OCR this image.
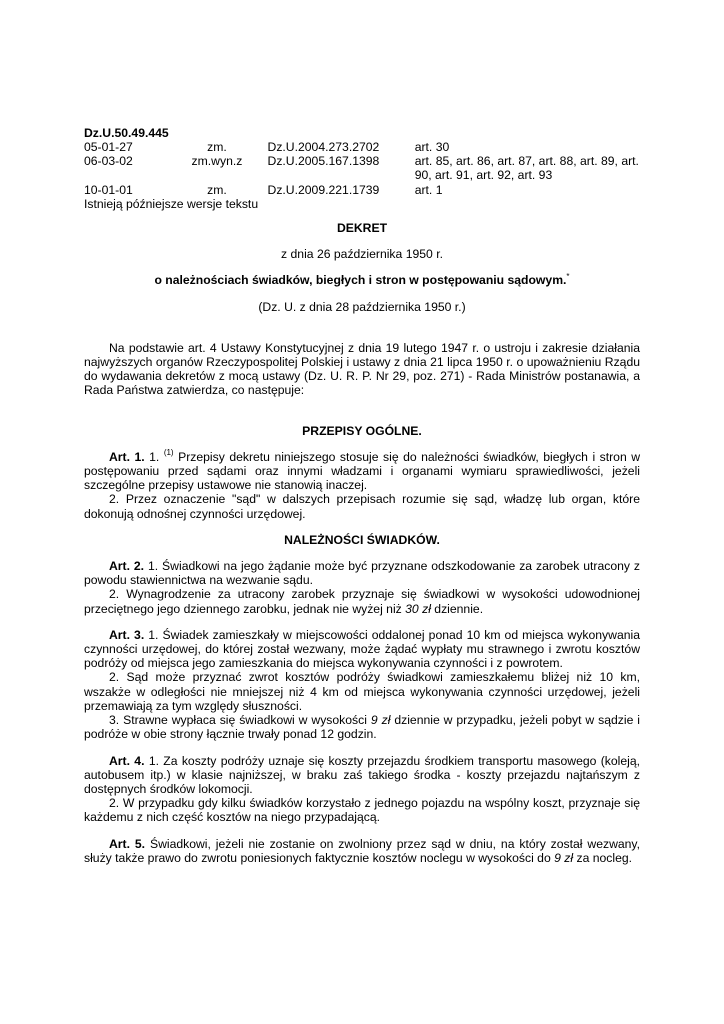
Dz.U.50.49.445
05-01-27	zm.	Dz.U.2004.273.2702	art. 30
06-03-02	zm.wyn.z	Dz.U.2005.167.1398	art. 85, art. 86, art. 87, art. 88, art. 89, art. 90, art. 91, art. 92, art. 93
10-01-01	zm.	Dz.U.2009.221.1739	art. 1
Istnieją późniejsze wersje tekstu
DEKRET
z dnia 26 października 1950 r.
o należnościach świadków, biegłych i stron w postępowaniu sądowym.*
(Dz. U. z dnia 28 października 1950 r.)

Na podstawie art. 4 Ustawy Konstytucyjnej z dnia 19 lutego 1947 r. o ustroju i zakresie działania najwyższych organów Rzeczypospolitej Polskiej i ustawy z dnia 21 lipca 1950 r. o upoważnieniu Rządu do wydawania dekretów z mocą ustawy (Dz. U. R. P. Nr 29, poz. 271) - Rada Ministrów postanawia, a Rada Państwa zatwierdza, co następuje:

PRZEPISY OGÓLNE.

Art. 1. 1. $^{(1)}$ Przepisy dekretu niniejszego stosuje się do należności świadków, biegłych i stron w postępowaniu przed sądami oraz innymi władzami i organami wymiaru sprawiedliwości, jeżeli szczególne przepisy ustawowe nie stanowią inaczej.

2. Przez oznaczenie "sąd" w dalszych przepisach rozumie się sąd, władzę lub organ, które dokonują odnośnej czynności urzędowej.

NALEŻNOŚCI ŚWIADKÓW.

Art. 2. 1. Świadkowi na jego żądanie może być przyznane odszkodowanie za zarobek utracony z powodu stawiennictwa na wezwanie sądu.

2. Wynagrodzenie za utracony zarobek przyznaje się świadkowi w wysokości udowodnionej przeciętnego jego dziennego zarobku, jednak nie wyżej niż 30 zł dziennie.

Art. 3. 1. Świadek zamieszkały w miejscowości oddalonej ponad 10 km od miejsca wykonywania czynności urzędowej, do której został wezwany, może żądać wypłaty mu strawnego i zwrotu kosztów podróży od miejsca jego zamieszkania do miejsca wykonywania czynności i z powrotem.

2. Sąd może przyznać zwrot kosztów podróży świadkowi zamieszkałemu bliżej niż 10 km, wszakże w odległości nie mniejszej niż 4 km od miejsca wykonywania czynności urzędowej, jeżeli przemawiają za tym względy słuszności.

3. Strawne wypłaca się świadkowi w wysokości 9 zł dziennie w przypadku, jeżeli pobyt w sądzie i podróże w obie strony łącznie trwały ponad 12 godzin.

Art. 4. 1. Za koszty podróży uznaje się koszty przejazdu środkiem transportu masowego (koleją, autobusem itp.) w klasie najniższej, w braku zaś takiego środka - koszty przejazdu najtańszym z dostępnych środków lokomocji.

2. W przypadku gdy kilku świadków korzystało z jednego pojazdu na wspólny koszt, przyznaje się każdemu z nich część kosztów na niego przypadającą.

Art. 5. Świadkowi, jeżeli nie zostanie on zwolniony przez sąd w dniu, na który został wezwany, służy także prawo do zwrotu poniesionych faktycznie kosztów noclegu w wysokości do 9 zł za nocleg.
